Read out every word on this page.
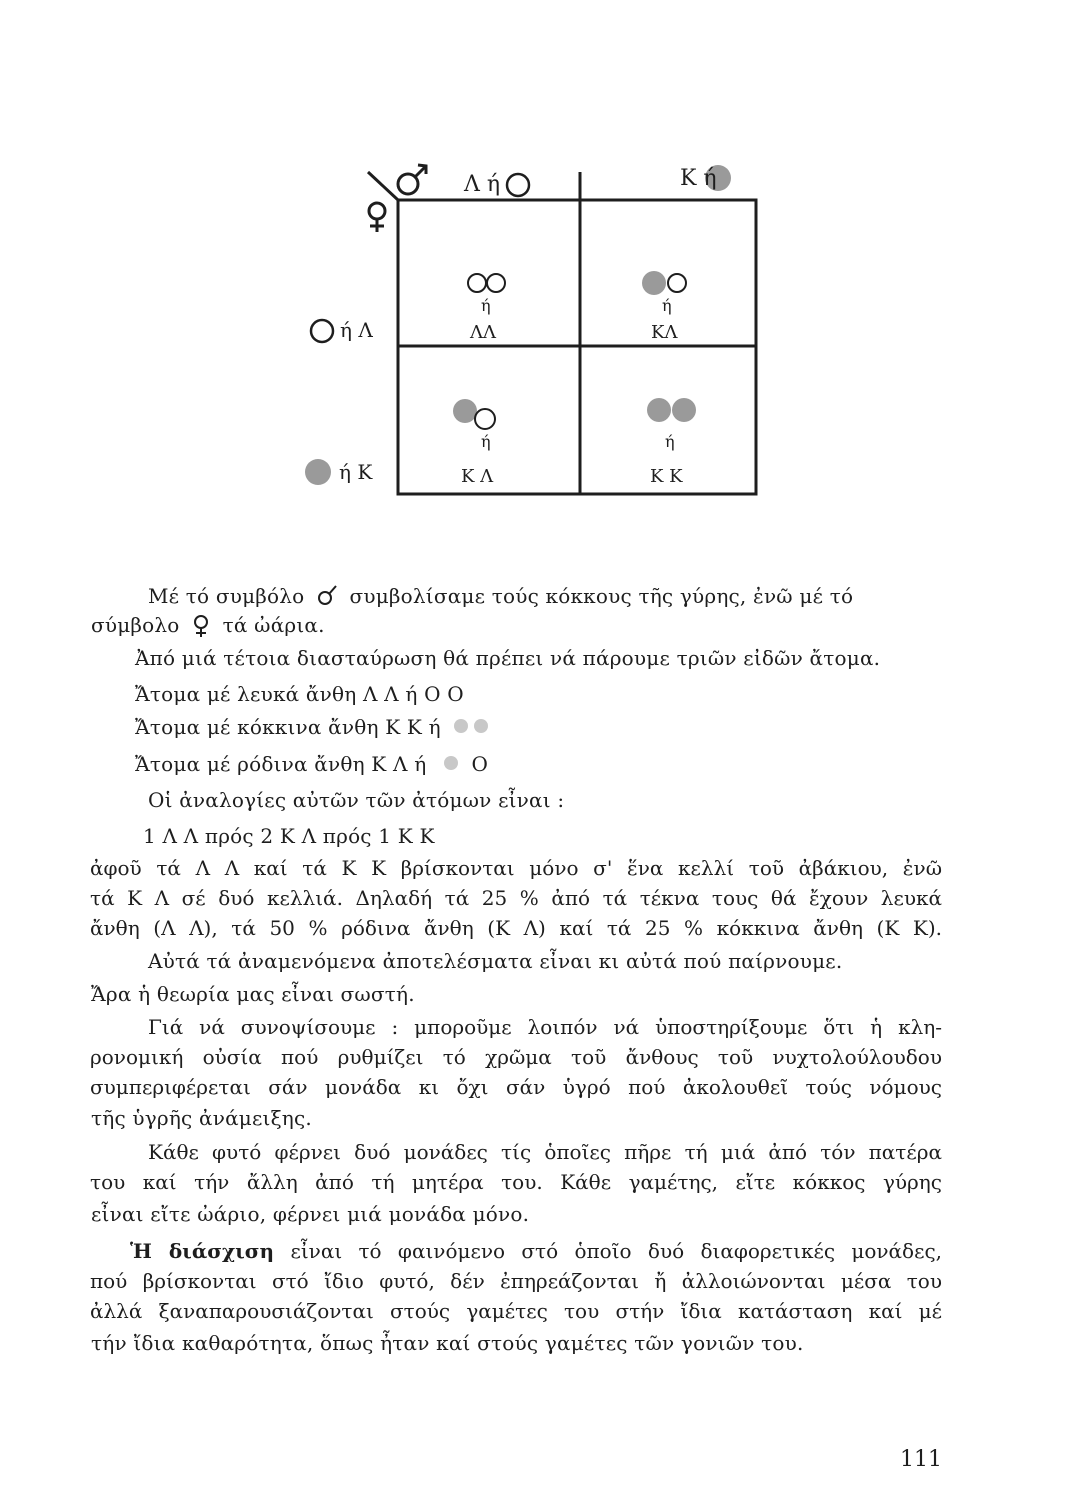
Λ ή	Κ ή
ή Λ
ή Κ
ή
ΛΛ
ή
ΚΛ
ή
Κ Λ
ή
Κ Κ
Μέ τό συμβόλο συμβολίσαμε τούς κόκκους τῆς γύρης, ἐνῶ μέ τό
σύμβολο τά ὠάρια.
Ἀπό μιά τέτοια διασταύρωση θά πρέπει νά πάρουμε τριῶν εἰδῶν ἄτομα.
Ἄτομα μέ λευκά ἄνθη Λ Λ ή Ο Ο
Ἄτομα μέ κόκκινα ἄνθη Κ Κ ή
Ἄτομα μέ ρόδινα ἄνθη Κ Λ ή Ο
Οἱ ἀναλογίες αὐτῶν τῶν ἀτόμων εἶναι :
1 Λ Λ πρός 2 Κ Λ πρός 1 Κ Κ
ἀφοῦ τά Λ Λ καί τά Κ Κ βρίσκονται μόνο σ' ἕνα κελλί τοῦ ἀβάκιου, ἐνῶ
τά Κ Λ σέ δυό κελλιά. Δηλαδή τά 25 % ἀπό τά τέκνα τους θά ἔχουν λευκά
ἄνθη (Λ Λ), τά 50 % ρόδινα ἄνθη (Κ Λ) καί τά 25 % κόκκινα ἄνθη (Κ Κ).
Αὐτά τά ἀναμενόμενα ἀποτελέσματα εἶναι κι αὐτά πού παίρνουμε.
Ἄρα ἡ θεωρία μας εἶναι σωστή.
Γιά νά συνοψίσουμε : μποροῦμε λοιπόν νά ὑποστηρίξουμε ὅτι ἡ κλη-
ρονομική οὐσία πού ρυθμίζει τό χρῶμα τοῦ ἄνθους τοῦ νυχτολούλουδου
συμπεριφέρεται σάν μονάδα κι ὄχι σάν ὑγρό πού ἀκολουθεῖ τούς νόμους
τῆς ὑγρῆς ἀνάμειξης.
Κάθε φυτό φέρνει δυό μονάδες τίς ὁποῖες πῆρε τή μιά ἀπό τόν πατέρα
του καί τήν ἄλλη ἀπό τή μητέρα του. Κάθε γαμέτης, εἴτε κόκκος γύρης
εἶναι εἴτε ὠάριο, φέρνει μιά μονάδα μόνο.
Ἡ διάσχιση εἶναι τό φαινόμενο στό ὁποῖο δυό διαφορετικές μονάδες,
πού βρίσκονται στό ἴδιο φυτό, δέν ἐπηρεάζονται ἤ ἀλλοιώνονται μέσα του
ἀλλά ξαναπαρουσιάζονται στούς γαμέτες του στήν ἴδια κατάσταση καί μέ
τήν ἴδια καθαρότητα, ὅπως ἦταν καί στούς γαμέτες τῶν γονιῶν του.
111
